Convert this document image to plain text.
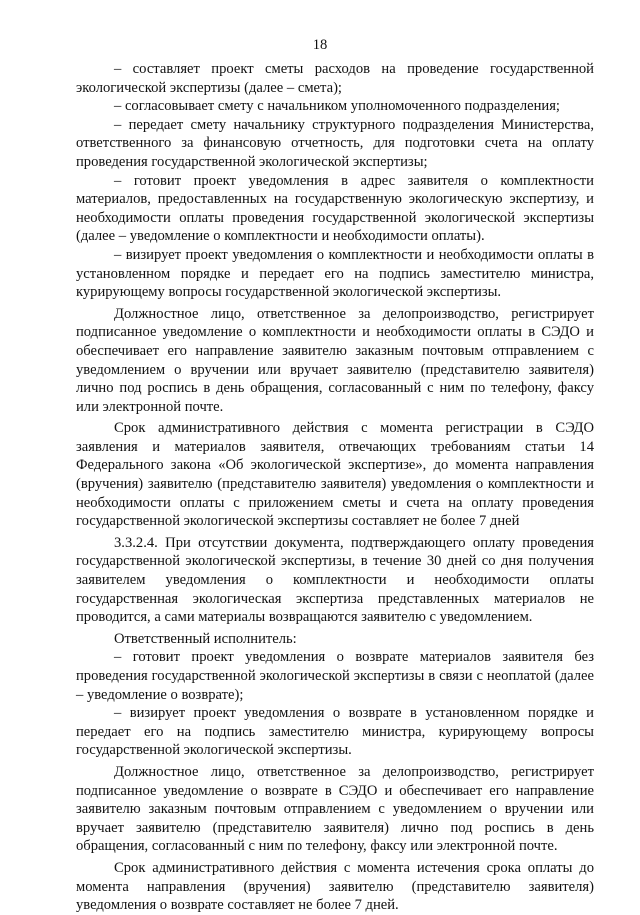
18

– составляет проект сметы расходов на проведение государственной экологической экспертизы (далее – смета);

– согласовывает смету с начальником уполномоченного подразделения;

– передает смету начальнику структурного подразделения Министерства, ответственного за финансовую отчетность, для подготовки счета на оплату проведения государственной экологической экспертизы;

– готовит проект уведомления в адрес заявителя о комплектности материалов, предоставленных на государственную экологическую экспертизу, и необходимости оплаты проведения государственной экологической экспертизы (далее – уведомление о комплектности и необходимости оплаты).

– визирует проект уведомления о комплектности и необходимости оплаты в установленном порядке и передает его на подпись заместителю министра, курирующему вопросы государственной экологической экспертизы.

Должностное лицо, ответственное за делопроизводство, регистрирует подписанное уведомление о комплектности и необходимости оплаты в СЭДО и обеспечивает его направление заявителю заказным почтовым отправлением с уведомлением о вручении или вручает заявителю (представителю заявителя) лично под роспись в день обращения, согласованный с ним по телефону, факсу или электронной почте.

Срок административного действия с момента регистрации в СЭДО заявления и материалов заявителя, отвечающих требованиям статьи 14 Федерального закона «Об экологической экспертизе», до момента направления (вручения) заявителю (представителю заявителя) уведомления о комплектности и необходимости оплаты с приложением сметы и счета на оплату проведения государственной экологической экспертизы составляет не более 7 дней

3.3.2.4. При отсутствии документа, подтверждающего оплату проведения государственной экологической экспертизы, в течение 30 дней со дня получения заявителем уведомления о комплектности и необходимости оплаты государственная экологическая экспертиза представленных материалов не проводится, а сами материалы возвращаются заявителю с уведомлением.

Ответственный исполнитель:

– готовит проект уведомления о возврате материалов заявителя без проведения государственной экологической экспертизы в связи с неоплатой (далее – уведомление о возврате);

– визирует проект уведомления о возврате в установленном порядке и передает его на подпись заместителю министра, курирующему вопросы государственной экологической экспертизы.

Должностное лицо, ответственное за делопроизводство, регистрирует подписанное уведомление о возврате в СЭДО и обеспечивает его направление заявителю заказным почтовым отправлением с уведомлением о вручении или вручает заявителю (представителю заявителя) лично под роспись в день обращения, согласованный с ним по телефону, факсу или электронной почте.

Срок административного действия с момента истечения срока оплаты до момента направления (вручения) заявителю (представителю заявителя) уведомления о возврате составляет не более 7 дней.
